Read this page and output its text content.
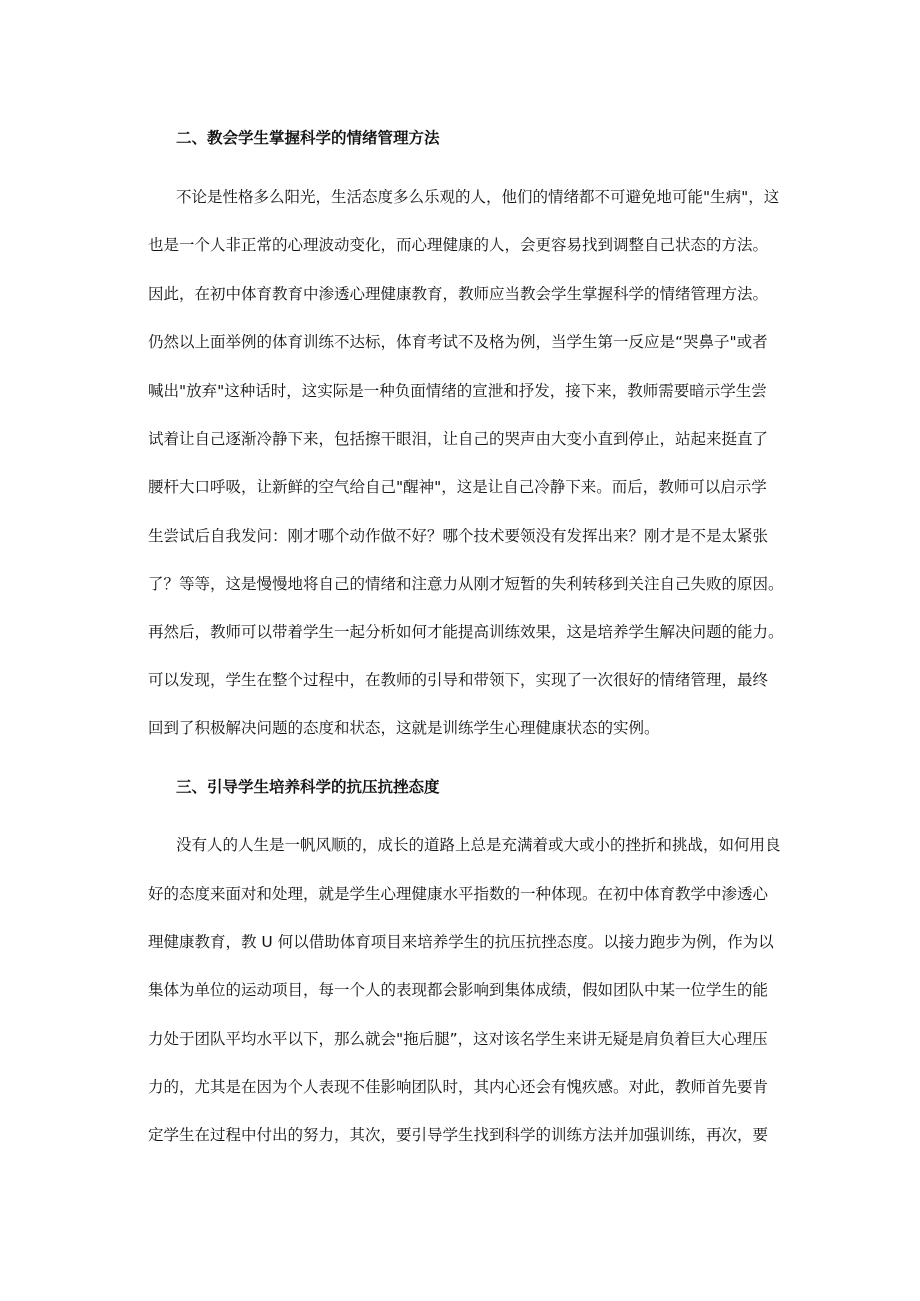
二、教会学生掌握科学的情绪管理方法
不论是性格多么阳光，生活态度多么乐观的人，他们的情绪都不可避免地可能"生病"，这
也是一个人非正常的心理波动变化，而心理健康的人，会更容易找到调整自己状态的方法。
因此，在初中体育教育中渗透心理健康教育，教师应当教会学生掌握科学的情绪管理方法。
仍然以上面举例的体育训练不达标，体育考试不及格为例，当学生第一反应是“哭鼻子"或者
喊出"放弃"这种话时，这实际是一种负面情绪的宣泄和抒发，接下来，教师需要暗示学生尝
试着让自己逐渐冷静下来，包括擦干眼泪，让自己的哭声由大变小直到停止，站起来挺直了
腰杆大口呼吸，让新鲜的空气给自己"醒神"，这是让自己冷静下来。而后，教师可以启示学
生尝试后自我发问：刚才哪个动作做不好？哪个技术要领没有发挥出来？刚才是不是太紧张
了？等等，这是慢慢地将自己的情绪和注意力从刚才短暂的失利转移到关注自己失败的原因。
再然后，教师可以带着学生一起分析如何才能提高训练效果，这是培养学生解决问题的能力。
可以发现，学生在整个过程中，在教师的引导和带领下，实现了一次很好的情绪管理，最终
回到了积极解决问题的态度和状态，这就是训练学生心理健康状态的实例。
三、引导学生培养科学的抗压抗挫态度
没有人的人生是一帆风顺的，成长的道路上总是充满着或大或小的挫折和挑战，如何用良
好的态度来面对和处理，就是学生心理健康水平指数的一种体现。在初中体育教学中渗透心
理健康教育，教 U 何以借助体育项目来培养学生的抗压抗挫态度。以接力跑步为例，作为以
集体为单位的运动项目，每一个人的表现都会影响到集体成绩，假如团队中某一位学生的能
力处于团队平均水平以下，那么就会"拖后腿”，这对该名学生来讲无疑是肩负着巨大心理压
力的，尤其是在因为个人表现不佳影响团队时，其内心还会有愧疚感。对此，教师首先要肯
定学生在过程中付出的努力，其次，要引导学生找到科学的训练方法并加强训练，再次，要
